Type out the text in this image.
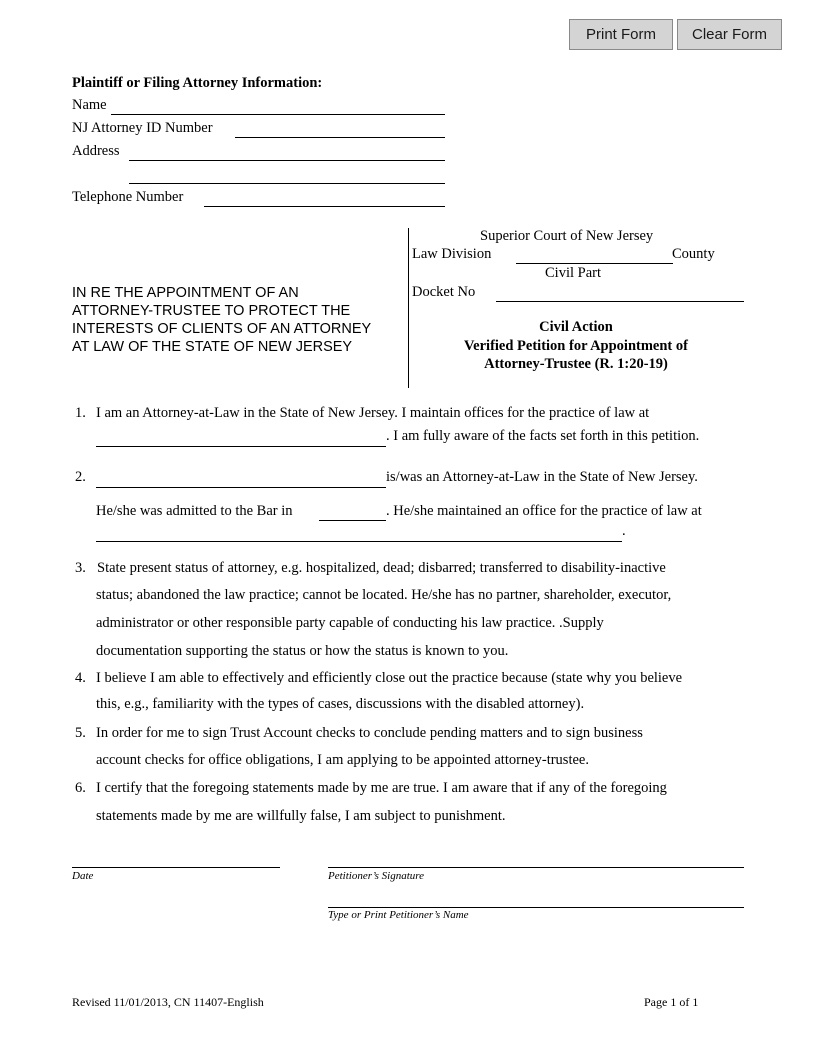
Print Form	Clear Form
Plaintiff or Filing Attorney Information:
Name
NJ Attorney ID Number
Address
Telephone Number
Superior Court of New Jersey
Law Division	County
Civil Part
Docket No
Civil Action
Verified Petition for Appointment of
Attorney-Trustee (R. 1:20-19)
IN RE THE APPOINTMENT OF AN
ATTORNEY-TRUSTEE TO PROTECT THE
INTERESTS OF CLIENTS OF AN ATTORNEY
AT LAW OF THE STATE OF NEW JERSEY
1. I am an Attorney-at-Law in the State of New Jersey. I maintain offices for the practice of law at
. I am fully aware of the facts set forth in this petition.
2.	is/was an Attorney-at-Law in the State of New Jersey.
He/she was admitted to the Bar in	. He/she maintained an office for the practice of law at
.
3. State present status of attorney, e.g. hospitalized, dead; disbarred; transferred to disability-inactive
status; abandoned the law practice; cannot be located. He/she has no partner, shareholder, executor,
administrator or other responsible party capable of conducting his law practice. .Supply
documentation supporting the status or how the status is known to you.
4. I believe I am able to effectively and efficiently close out the practice because (state why you believe
this, e.g., familiarity with the types of cases, discussions with the disabled attorney).
5. In order for me to sign Trust Account checks to conclude pending matters and to sign business
account checks for office obligations, I am applying to be appointed attorney-trustee.
6. I certify that the foregoing statements made by me are true. I am aware that if any of the foregoing
statements made by me are willfully false, I am subject to punishment.
Date	Petitioner’s Signature
Type or Print Petitioner’s Name
Revised 11/01/2013, CN 11407-English	Page 1 of 1
